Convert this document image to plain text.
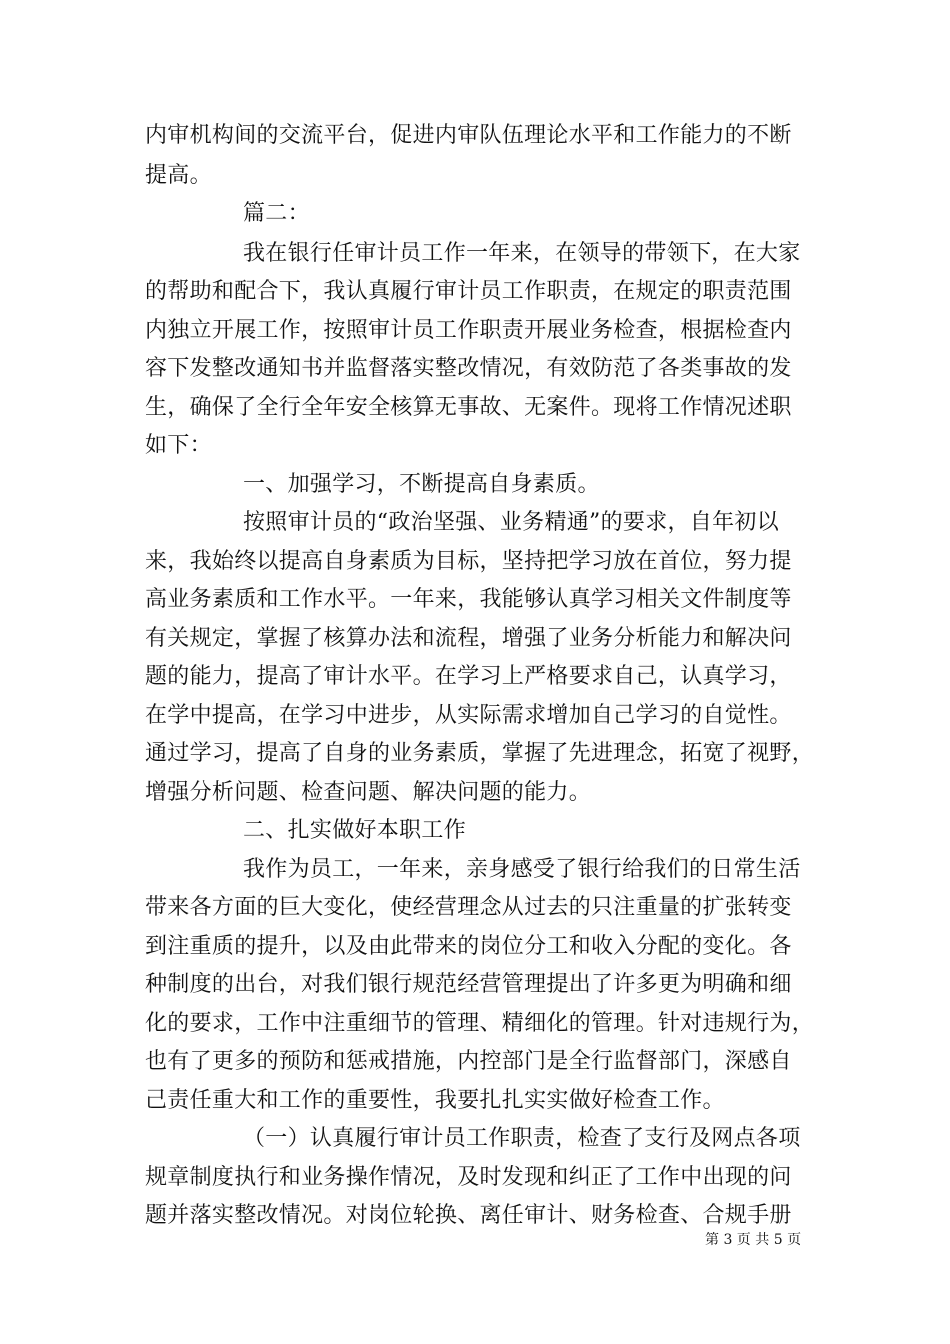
内审机构间的交流平台，促进内审队伍理论水平和工作能力的不断
提高。
篇二：
我在银行任审计员工作一年来，在领导的带领下，在大家
的帮助和配合下，我认真履行审计员工作职责，在规定的职责范围
内独立开展工作，按照审计员工作职责开展业务检查，根据检查内
容下发整改通知书并监督落实整改情况，有效防范了各类事故的发
生，确保了全行全年安全核算无事故、无案件。现将工作情况述职
如下：
一、加强学习，不断提高自身素质。
按照审计员的“政治坚强、业务精通”的要求，自年初以
来，我始终以提高自身素质为目标，坚持把学习放在首位，努力提
高业务素质和工作水平。一年来，我能够认真学习相关文件制度等
有关规定，掌握了核算办法和流程，增强了业务分析能力和解决问
题的能力，提高了审计水平。在学习上严格要求自己，认真学习，
在学中提高，在学习中进步，从实际需求增加自己学习的自觉性。
通过学习，提高了自身的业务素质，掌握了先进理念，拓宽了视野，
增强分析问题、检查问题、解决问题的能力。
二、扎实做好本职工作
我作为员工，一年来，亲身感受了银行给我们的日常生活
带来各方面的巨大变化，使经营理念从过去的只注重量的扩张转变
到注重质的提升，以及由此带来的岗位分工和收入分配的变化。各
种制度的出台，对我们银行规范经营管理提出了许多更为明确和细
化的要求，工作中注重细节的管理、精细化的管理。针对违规行为，
也有了更多的预防和惩戒措施，内控部门是全行监督部门，深感自
己责任重大和工作的重要性，我要扎扎实实做好检查工作。
（一）认真履行审计员工作职责，检查了支行及网点各项
规章制度执行和业务操作情况，及时发现和纠正了工作中出现的问
题并落实整改情况。对岗位轮换、离任审计、财务检查、合规手册
第 3 页 共 5 页
